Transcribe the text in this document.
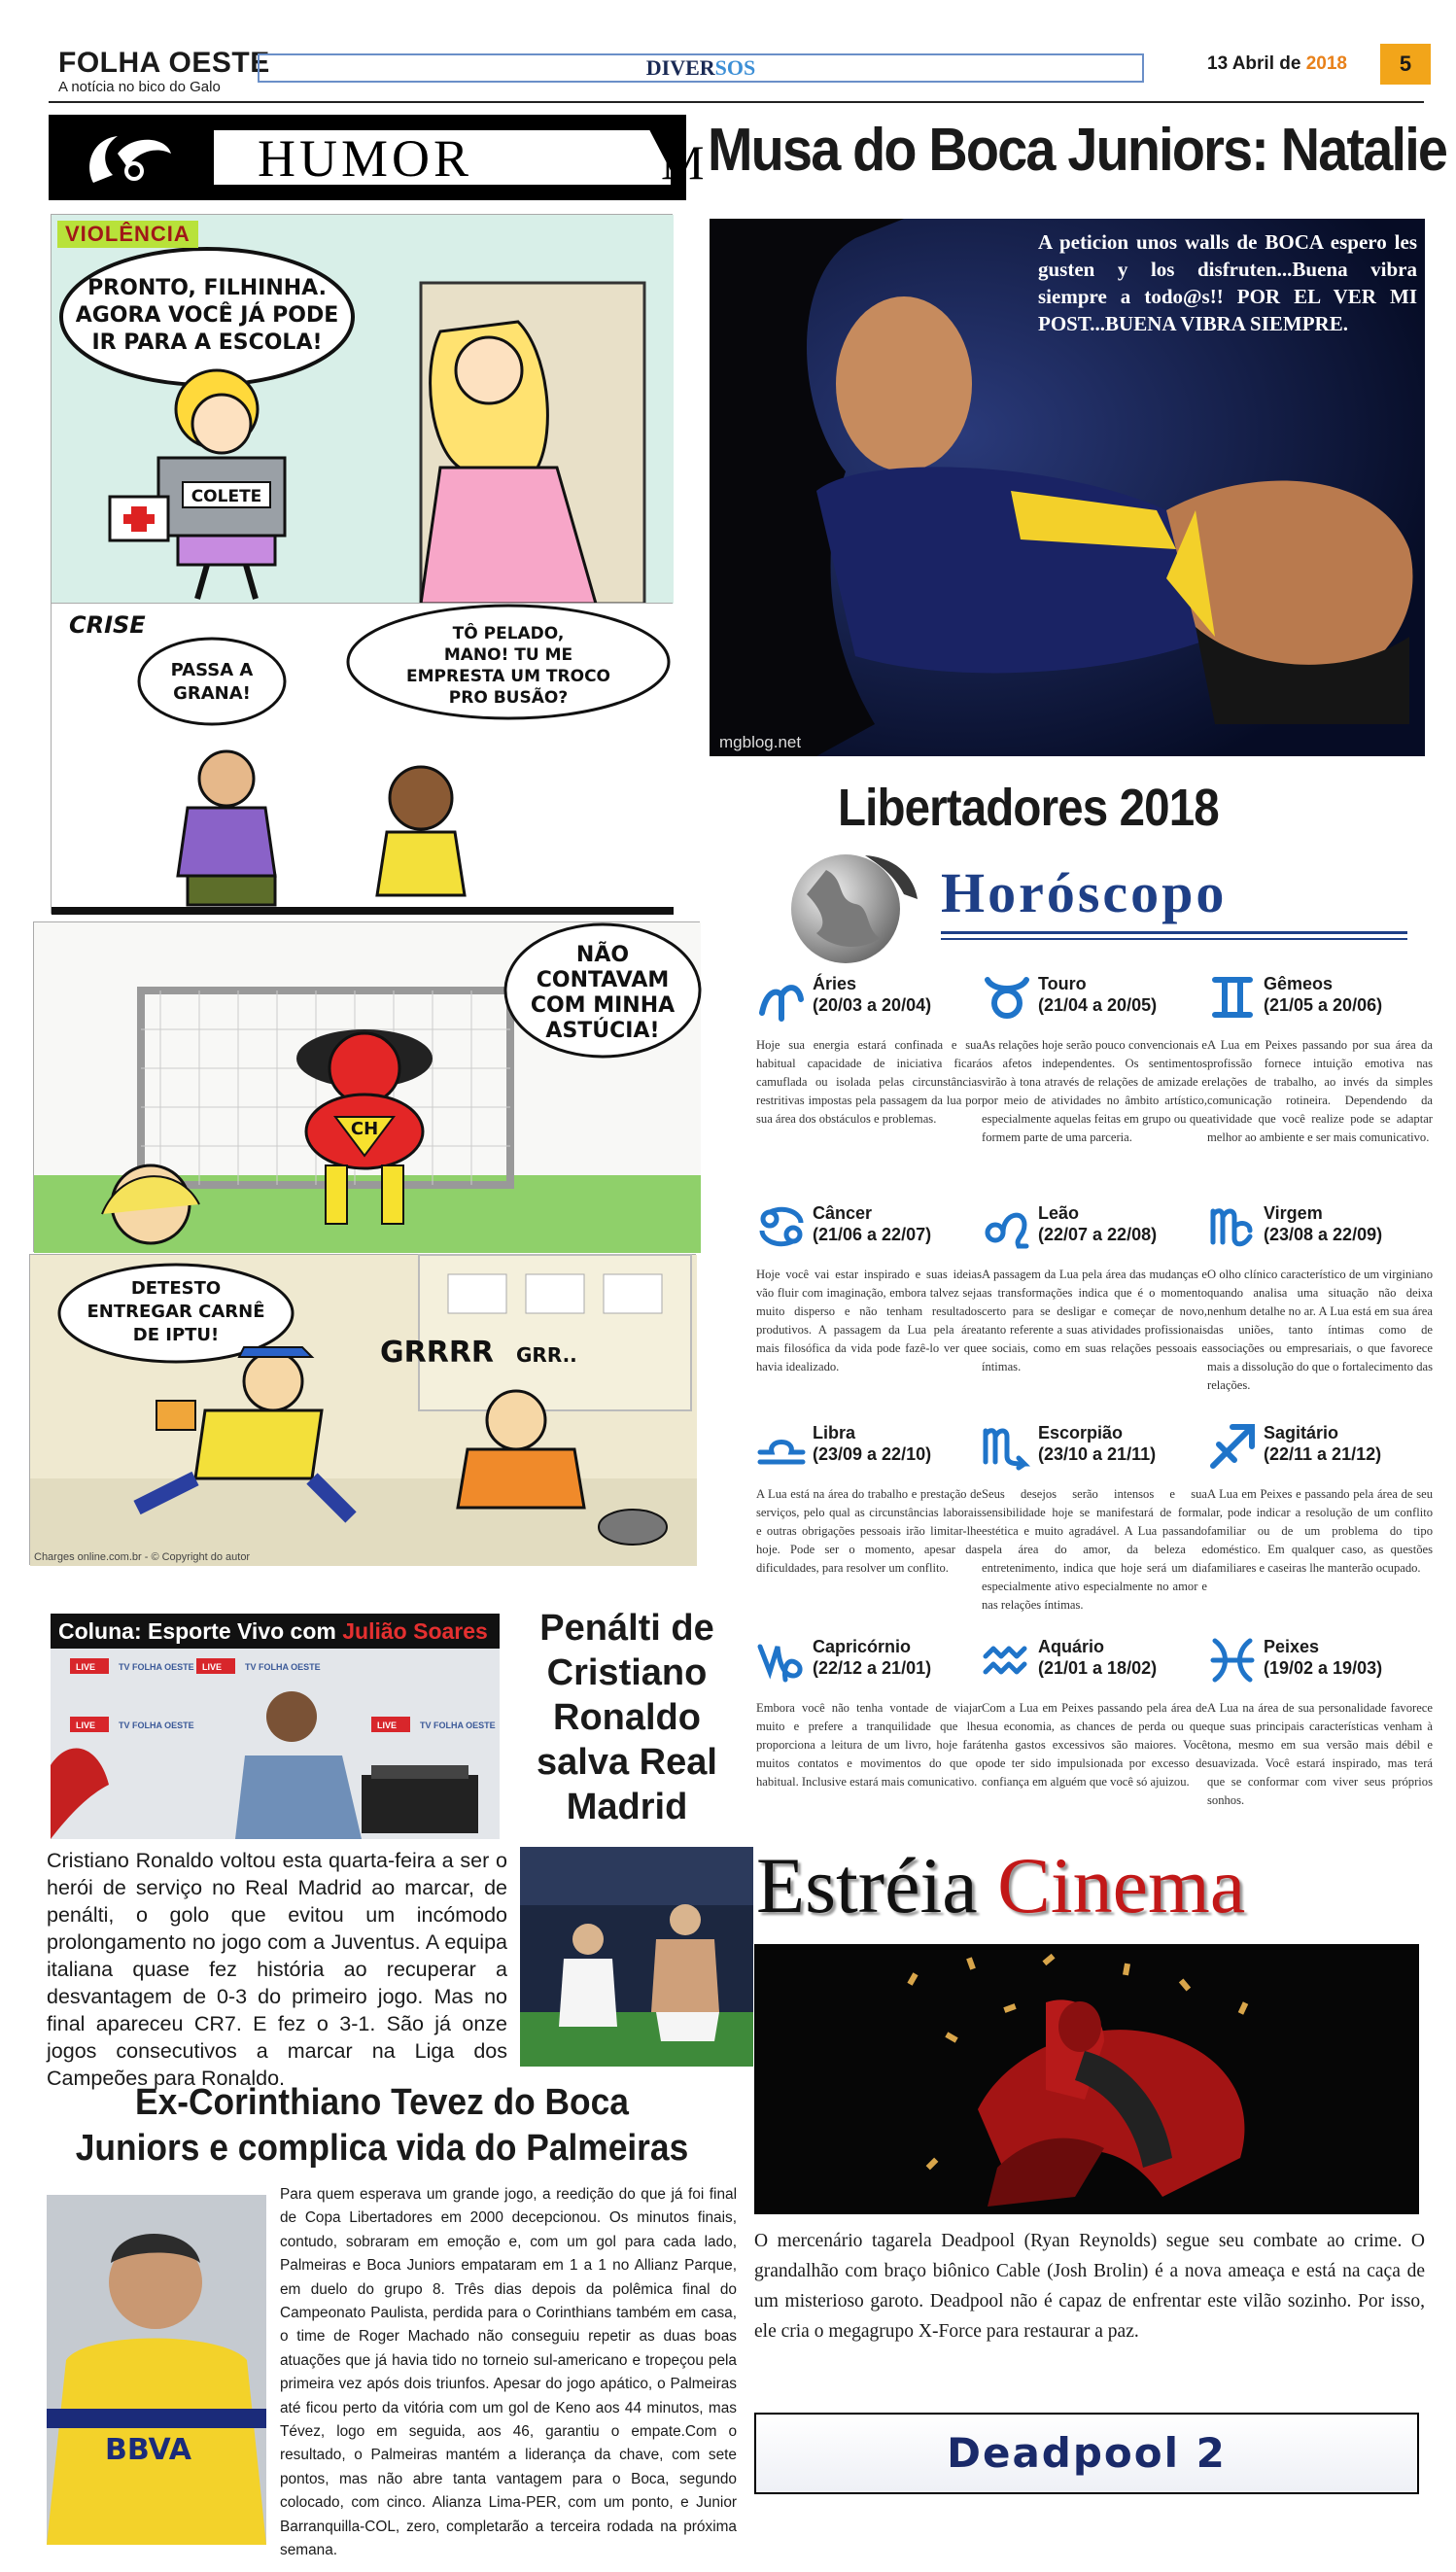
FOLHA OESTE
A notícia no bico do Galo
DIVERSOS	13 Abril de 2018	5
HUMOR	M
PRONTO, FILHINHA.
AGORA VOCÊ JÁ PODE
IR PARA A ESCOLA!
COLETE
VIOLÊNCIA
CRISE
PASSA A
GRANA!
TÔ PELADO,
MANO! TU ME
EMPRESTA UM TROCO
PRO BUSÃO?
NÃO
CONTAVAM
COM MINHA
ASTÚCIA!
CH
DETESTO
ENTREGAR CARNÊ
DE IPTU!
GRRRR GRR..
Charges online.com.br - © Copyright do autor
Musa do Boca Juniors: Natalie
A peticion unos walls de BOCA espero les gusten y los disfruten...Buena vibra siempre a todo@s!! POR EL VER MI POST...BUENA VIBRA SIEMPRE.
mgblog.net
Libertadores 2018
Horóscopo
Áries
(20/03 a 20/04)
Hoje sua energia estará confinada e sua habitual capacidade de iniciativa ficará camuflada ou isolada pelas circunstâncias restritivas impostas pela passagem da lua por sua área dos obstáculos e problemas.
Touro
(21/04 a 20/05)
As relações hoje serão pouco convencionais e os afetos independentes. Os sentimentos virão à tona através de relações de amizade e por meio de atividades no âmbito artístico, especialmente aquelas feitas em grupo ou que formem parte de uma parceria.
Gêmeos
(21/05 a 20/06)
A Lua em Peixes passando por sua área da profissão fornece intuição emotiva nas relações de trabalho, ao invés da simples comunicação rotineira. Dependendo da atividade que você realize pode se adaptar melhor ao ambiente e ser mais comunicativo.
Câncer
(21/06 a 22/07)
Hoje você vai estar inspirado e suas ideias vão fluir com imaginação, embora talvez seja muito disperso e não tenham resultados produtivos. A passagem da Lua pela área mais filosófica da vida pode fazê-lo ver que havia idealizado.
Leão
(22/07 a 22/08)
A passagem da Lua pela área das mudanças e as transformações indica que é o momento certo para se desligar e começar de novo, tanto referente a suas atividades profissionais e sociais, como em suas relações pessoais e íntimas.
Virgem
(23/08 a 22/09)
O olho clínico característico de um virginiano quando analisa uma situação não deixa nenhum detalhe no ar. A Lua está em sua área das uniões, tanto íntimas como de associações ou empresariais, o que favorece mais a dissolução do que o fortalecimento das relações.
Libra
(23/09 a 22/10)
A Lua está na área do trabalho e prestação de serviços, pelo qual as circunstâncias laborais e outras obrigações pessoais irão limitar-lhe hoje. Pode ser o momento, apesar das dificuldades, para resolver um conflito.
Escorpião
(23/10 a 21/11)
Seus desejos serão intensos e sua sensibilidade hoje se manifestará de forma estética e muito agradável. A Lua passando pela área do amor, da beleza e entretenimento, indica que hoje será um dia especialmente ativo especialmente no amor e nas relações íntimas.
Sagitário
(22/11 a 21/12)
A Lua em Peixes e passando pela área de seu lar, pode indicar a resolução de um conflito familiar ou de um problema do tipo doméstico. Em qualquer caso, as questões familiares e caseiras lhe manterão ocupado.
Capricórnio
(22/12 a 21/01)
Embora você não tenha vontade de viajar muito e prefere a tranquilidade que lhe proporciona a leitura de um livro, hoje fará muitos contatos e movimentos do que o habitual. Inclusive estará mais comunicativo.
Aquário
(21/01 a 18/02)
Com a Lua em Peixes passando pela área de sua economia, as chances de perda ou que tenha gastos excessivos são maiores. Você pode ter sido impulsionada por excesso de confiança em alguém que você só ajuizou.
Peixes
(19/02 a 19/03)
A Lua na área de sua personalidade favorece que suas principais características venham à tona, mesmo em sua versão mais débil e suavizada. Você estará inspirado, mas terá que se conformar com viver seus próprios sonhos.
Coluna: Esporte Vivo com Julião Soares
LIVE	TV FOLHA OESTE LIVE	TV FOLHA OESTE
LIVE	TV FOLHA OESTE	LIVE	TV FOLHA OESTE
Cristiano Ronaldo voltou esta quarta-feira a ser o herói de serviço no Real Madrid ao marcar, de penálti, o golo que evitou um incómodo prolongamento no jogo com a Juventus. A equipa italiana quase fez história ao recuperar a desvantagem de 0-3 do primeiro jogo. Mas no final apareceu CR7. E fez o 3-1. São já onze jogos consecutivos a marcar na Liga dos Campeões para Ronaldo.
Penálti de Cristiano Ronaldo salva Real Madrid
Ex-Corinthiano Tevez do Boca Juniors e complica vida do Palmeiras
BBVA
Para quem esperava um grande jogo, a reedição do que já foi final de Copa Libertadores em 2000 decepcionou. Os minutos finais, contudo, sobraram em emoção e, com um gol para cada lado, Palmeiras e Boca Juniors empataram em 1 a 1 no Allianz Parque, em duelo do grupo 8. Três dias depois da polêmica final do Campeonato Paulista, perdida para o Corinthians também em casa, o time de Roger Machado não conseguiu repetir as duas boas atuações que já havia tido no torneio sul-americano e tropeçou pela primeira vez após dois triunfos. Apesar do jogo apático, o Palmeiras até ficou perto da vitória com um gol de Keno aos 44 minutos, mas Tévez, logo em seguida, aos 46, garantiu o empate.Com o resultado, o Palmeiras mantém a liderança da chave, com sete pontos, mas não abre tanta vantagem para o Boca, segundo colocado, com cinco. Alianza Lima-PER, com um ponto, e Junior Barranquilla-COL, zero, completarão a terceira rodada na próxima semana.
Estréia Cinema
O mercenário tagarela Deadpool (Ryan Reynolds) segue seu combate ao crime. O grandalhão com braço biônico Cable (Josh Brolin) é a nova ameaça e está na caça de um misterioso garoto. Deadpool não é capaz de enfrentar este vilão sozinho. Por isso, ele cria o megagrupo X-Force para restaurar a paz.
Deadpool 2
